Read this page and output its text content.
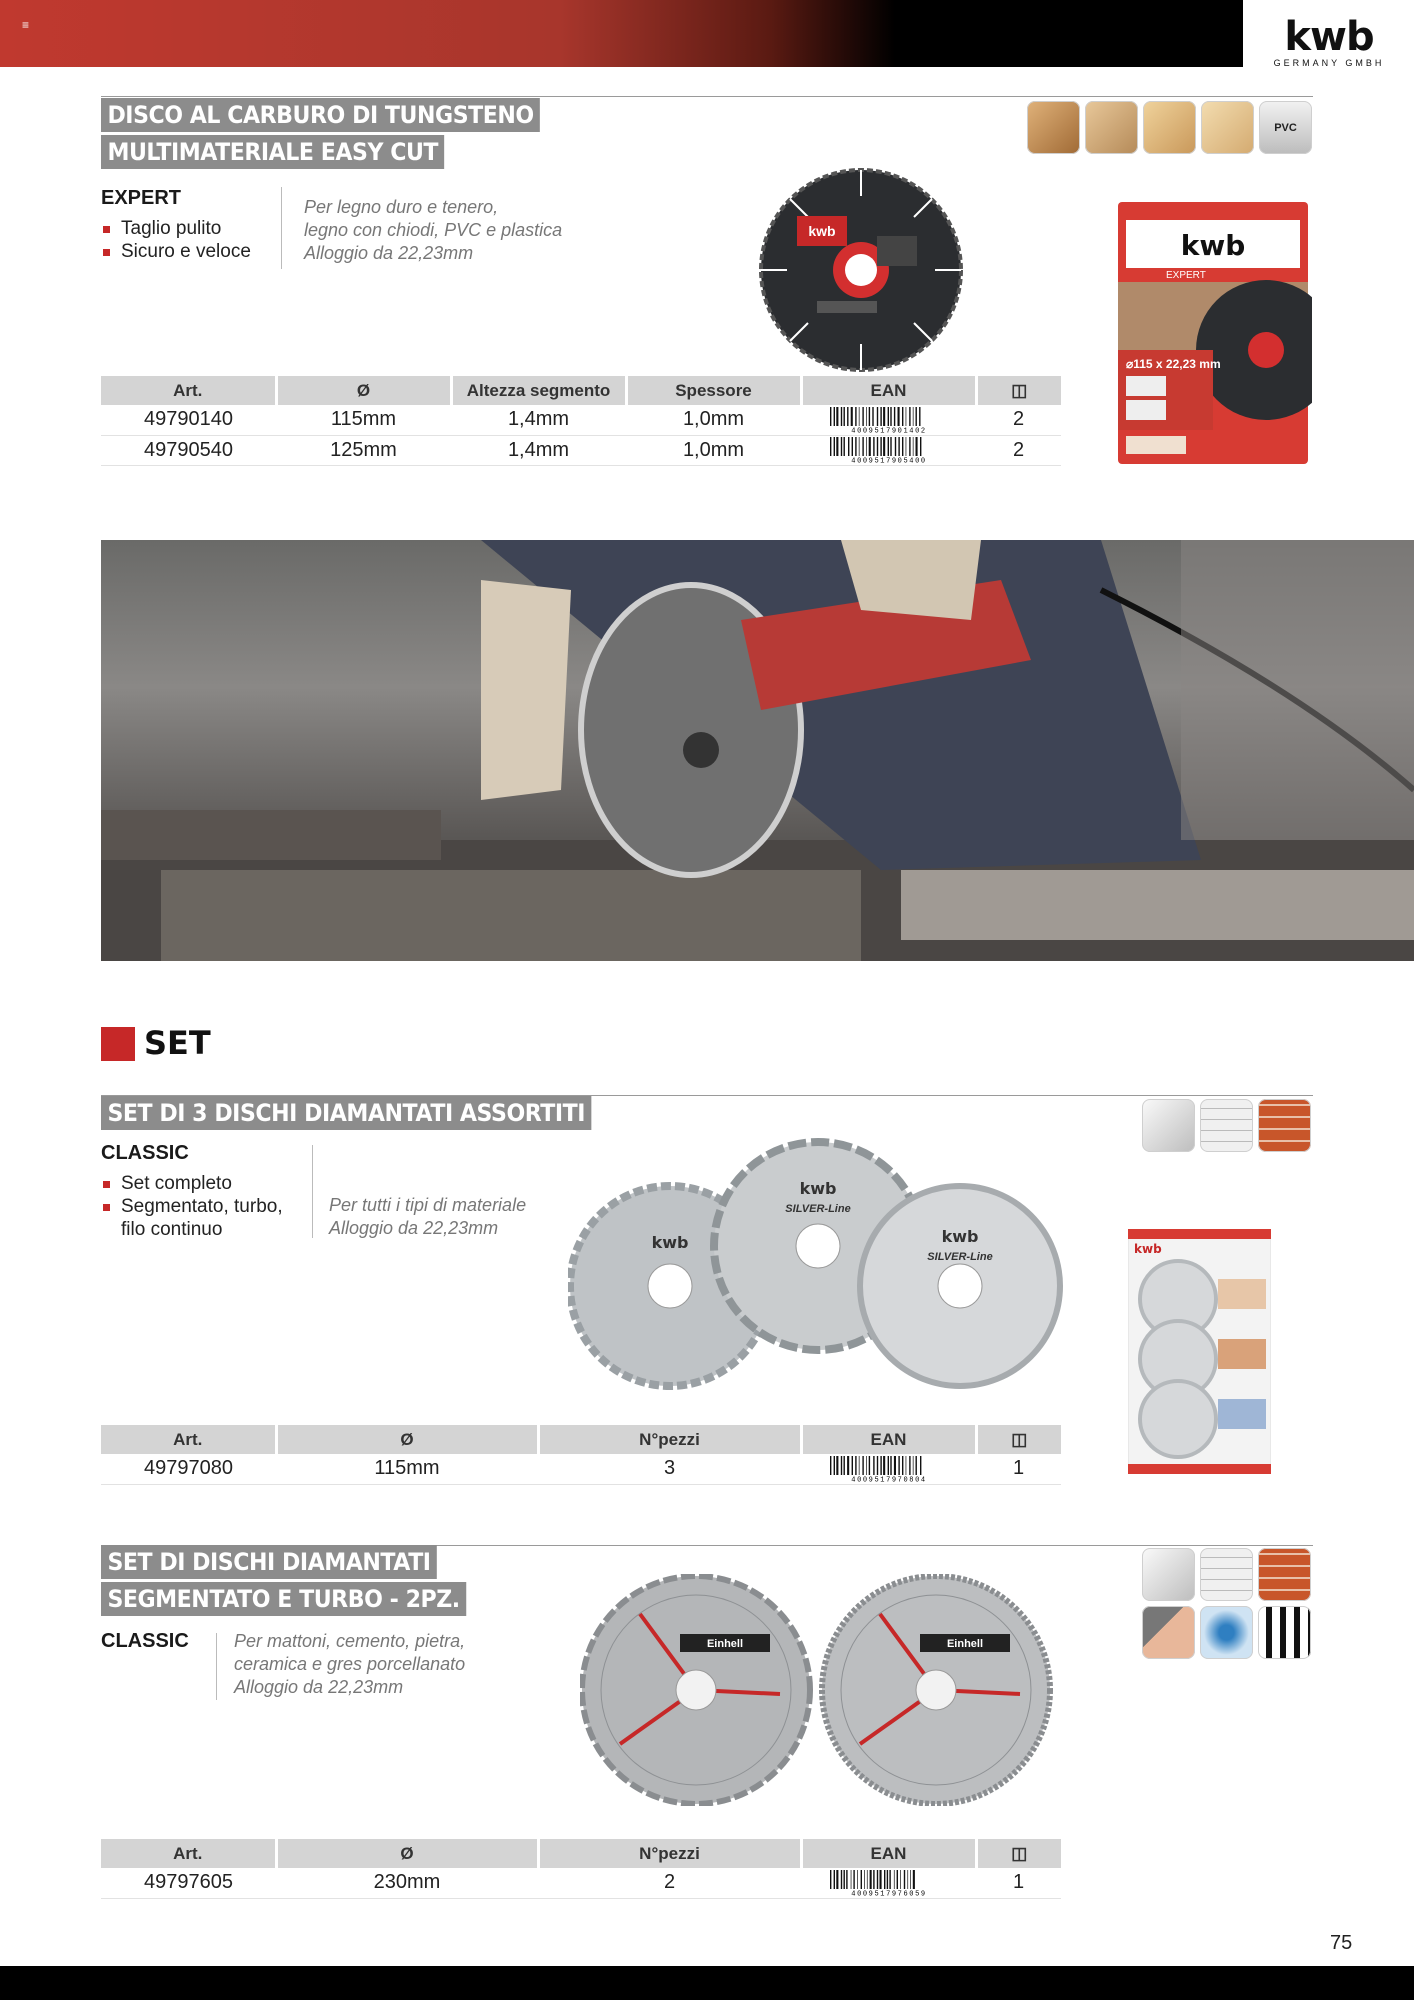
≡	kwb
GERMANY GMBH
DISCO AL CARBURO DI TUNGSTENO
MULTIMATERIALE EASY CUT
EXPERT
Taglio pulito
Sicuro e veloce
Per legno duro e tenero,
legno con chiodi, PVC e plastica
Alloggio da 22,23mm
kwb	kwb
EXPERT
⌀115 x 22,23 mm
PVC
Art.	Ø	Altezza segmento	Spessore	EAN	◫
49790140	115mm	1,4mm	1,0mm	4009517901402	2
49790540	125mm	1,4mm	1,0mm	4009517905400	2
SET
SET DI 3 DISCHI DIAMANTATI ASSORTITI
CLASSIC
Set completo
Segmentato, turbo, filo continuo
Per tutti i tipi di materiale
Alloggio da 22,23mm
kwb
kwb
SILVER-Line
kwb
SILVER-Line
kwb
Art.	Ø	N°pezzi	EAN	◫
49797080	115mm	3	4009517970804	1
SET DI DISCHI DIAMANTATI
SEGMENTATO E TURBO - 2PZ.
CLASSIC	Per mattoni, cemento, pietra,
ceramica e gres porcellanato
Alloggio da 22,23mm
Einhell	Einhell
Art.	Ø	N°pezzi	EAN	◫
49797605	230mm	2	4009517976059	1
75
